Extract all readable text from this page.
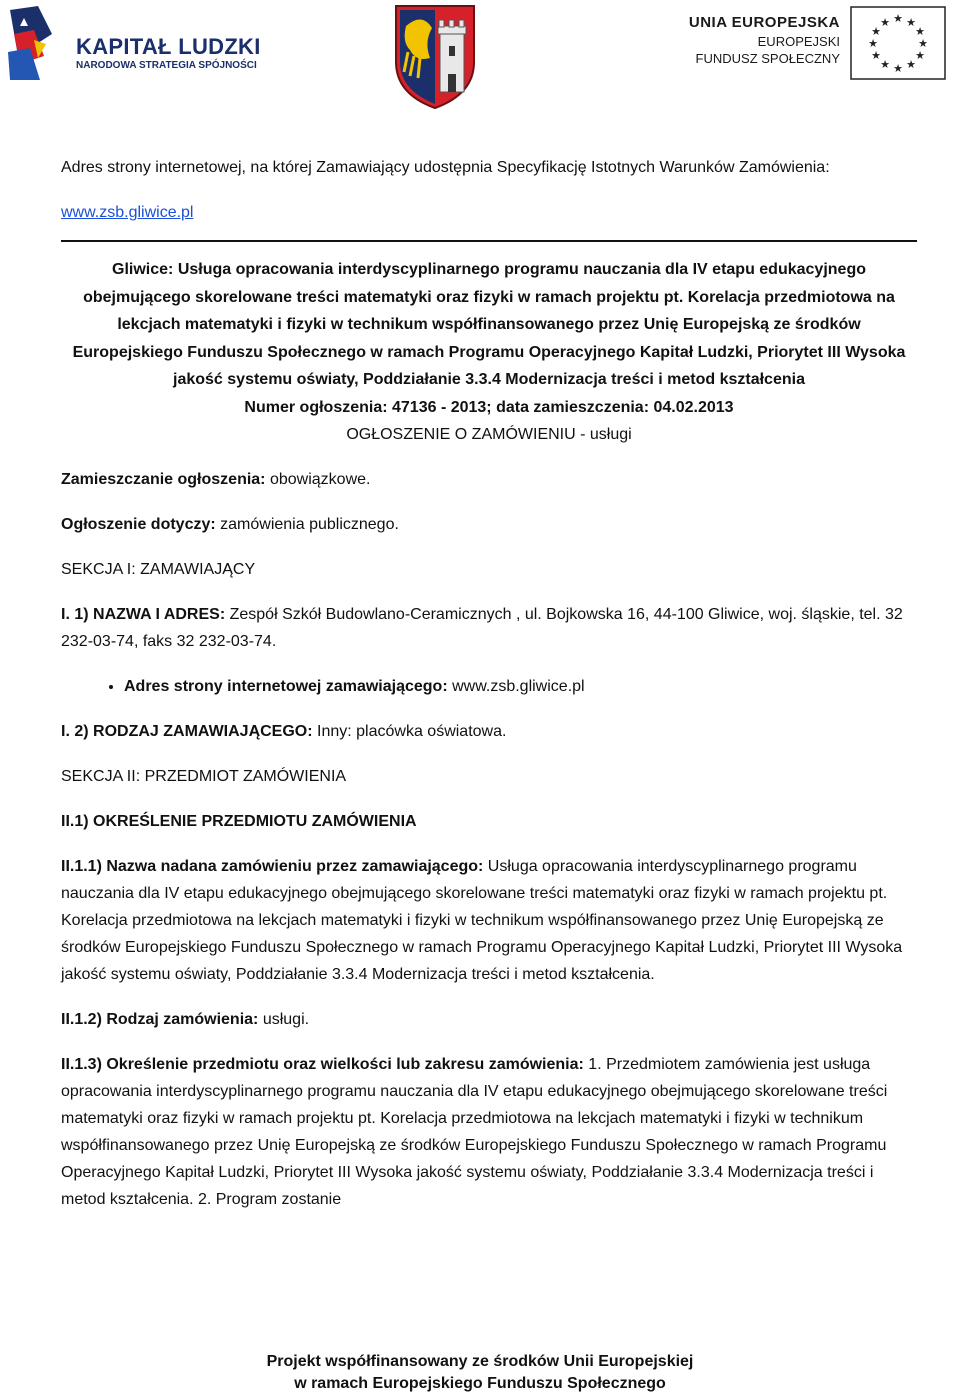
KAPITAŁ LUDZKI
NARODOWA STRATEGIA SPÓJNOŚCI
UNIA EUROPEJSKA
EUROPEJSKI
FUNDUSZ SPOŁECZNY
★ ★
★
★
★
★
★
★
★
★
★
★

Adres strony internetowej, na której Zamawiający udostępnia Specyfikację Istotnych Warunków Zamówienia:

www.zsb.gliwice.pl

Gliwice: Usługa opracowania interdyscyplinarnego programu nauczania dla IV etapu edukacyjnego obejmującego skorelowane treści matematyki oraz fizyki w ramach projektu pt. Korelacja przedmiotowa na lekcjach matematyki i fizyki w technikum współfinansowanego przez Unię Europejską ze środków Europejskiego Funduszu Społecznego w ramach Programu Operacyjnego Kapitał Ludzki, Priorytet III Wysoka jakość systemu oświaty, Poddziałanie 3.3.4 Modernizacja treści i metod kształcenia

Numer ogłoszenia: 47136 - 2013; data zamieszczenia: 04.02.2013

OGŁOSZENIE O ZAMÓWIENIU - usługi

Zamieszczanie ogłoszenia: obowiązkowe.

Ogłoszenie dotyczy: zamówienia publicznego.

SEKCJA I: ZAMAWIAJĄCY

I. 1) NAZWA I ADRES: Zespół Szkół Budowlano-Ceramicznych , ul. Bojkowska 16, 44-100 Gliwice, woj. śląskie, tel. 32 232-03-74, faks 32 232-03-74.

• Adres strony internetowej zamawiającego: www.zsb.gliwice.pl

I. 2) RODZAJ ZAMAWIAJĄCEGO: Inny: placówka oświatowa.

SEKCJA II: PRZEDMIOT ZAMÓWIENIA

II.1) OKREŚLENIE PRZEDMIOTU ZAMÓWIENIA

II.1.1) Nazwa nadana zamówieniu przez zamawiającego: Usługa opracowania interdyscyplinarnego programu nauczania dla IV etapu edukacyjnego obejmującego skorelowane treści matematyki oraz fizyki w ramach projektu pt. Korelacja przedmiotowa na lekcjach matematyki i fizyki w technikum współfinansowanego przez Unię Europejską ze środków Europejskiego Funduszu Społecznego w ramach Programu Operacyjnego Kapitał Ludzki, Priorytet III Wysoka jakość systemu oświaty, Poddziałanie 3.3.4 Modernizacja treści i metod kształcenia.

II.1.2) Rodzaj zamówienia: usługi.

II.1.3) Określenie przedmiotu oraz wielkości lub zakresu zamówienia: 1. Przedmiotem zamówienia jest usługa opracowania interdyscyplinarnego programu nauczania dla IV etapu edukacyjnego obejmującego skorelowane treści matematyki oraz fizyki w ramach projektu pt. Korelacja przedmiotowa na lekcjach matematyki i fizyki w technikum współfinansowanego przez Unię Europejską ze środków Europejskiego Funduszu Społecznego w ramach Programu Operacyjnego Kapitał Ludzki, Priorytet III Wysoka jakość systemu oświaty, Poddziałanie 3.3.4 Modernizacja treści i metod kształcenia. 2. Program zostanie

Projekt współfinansowany ze środków Unii Europejskiej
w ramach Europejskiego Funduszu Społecznego
